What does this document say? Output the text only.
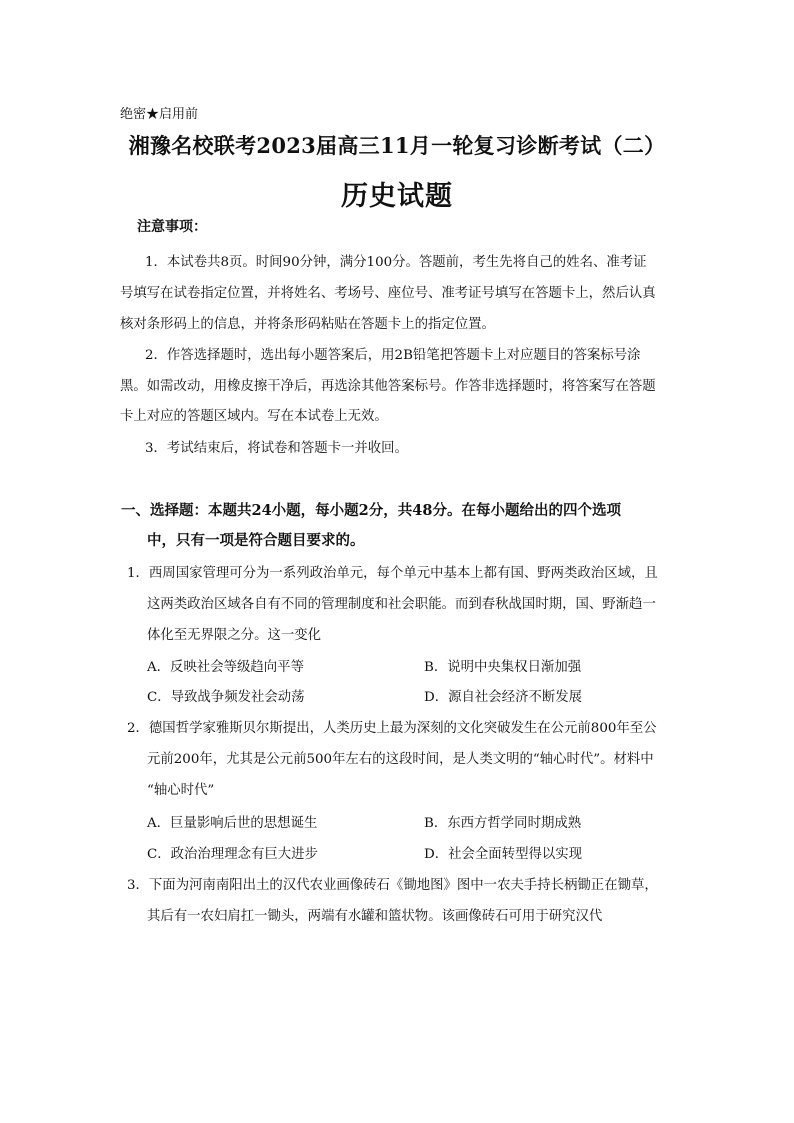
绝密★启用前
湘豫名校联考2023届高三11月一轮复习诊断考试（二）
历史试题
注意事项：
1．本试卷共8页。时间90分钟，满分100分。答题前，考生先将自己的姓名、准考证
号填写在试卷指定位置，并将姓名、考场号、座位号、准考证号填写在答题卡上，然后认真
核对条形码上的信息，并将条形码粘贴在答题卡上的指定位置。
2．作答选择题时，选出每小题答案后，用2B铅笔把答题卡上对应题目的答案标号涂
黑。如需改动，用橡皮擦干净后，再选涂其他答案标号。作答非选择题时，将答案写在答题
卡上对应的答题区域内。写在本试卷上无效。
3．考试结束后，将试卷和答题卡一并收回。
一、选择题：本题共24小题，每小题2分，共48分。在每小题给出的四个选项
中，只有一项是符合题目要求的。
1．西周国家管理可分为一系列政治单元，每个单元中基本上都有国、野两类政治区域，且
这两类政治区域各自有不同的管理制度和社会职能。而到春秋战国时期，国、野渐趋一
体化至无界限之分。这一变化
A．反映社会等级趋向平等	B．说明中央集权日渐加强
C．导致战争频发社会动荡	D．源自社会经济不断发展
2．德国哲学家雅斯贝尔斯提出，人类历史上最为深刻的文化突破发生在公元前800年至公
元前200年，尤其是公元前500年左右的这段时间，是人类文明的“轴心时代”。材料中
“轴心时代”
A．巨量影响后世的思想诞生	B．东西方哲学同时期成熟
C．政治治理理念有巨大进步	D．社会全面转型得以实现
3．下面为河南南阳出土的汉代农业画像砖石《锄地图》图中一农夫手持长柄锄正在锄草，
其后有一农妇肩扛一锄头，两端有水罐和篮状物。该画像砖石可用于研究汉代
